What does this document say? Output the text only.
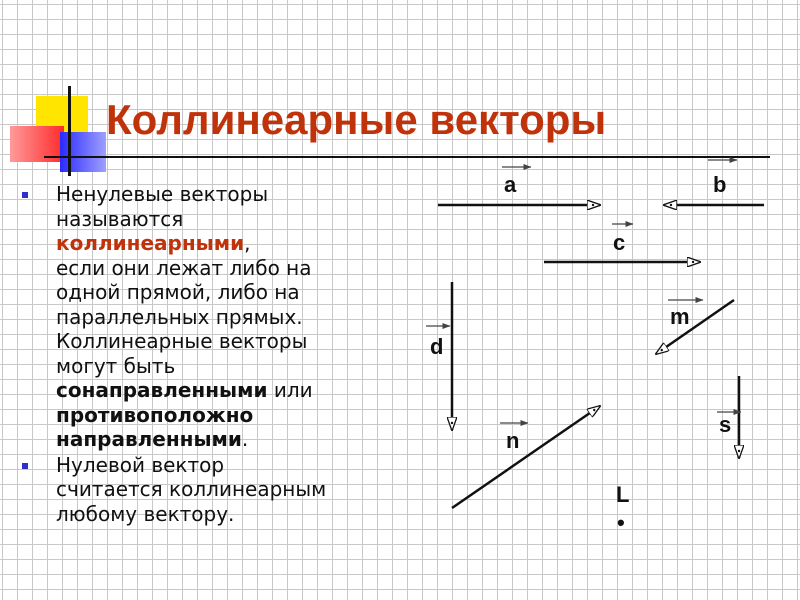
Коллинеарные векторы
Ненулевые векторы
называются
коллинеарными,
если они лежат либо на
одной прямой, либо на
параллельных прямых.
Коллинеарные векторы
могут быть
сонаправленными или
противоположно
направленными.
Нулевой вектор
считается коллинеарным
любому вектору.
a	b
c
d
m
n
s
L
•
